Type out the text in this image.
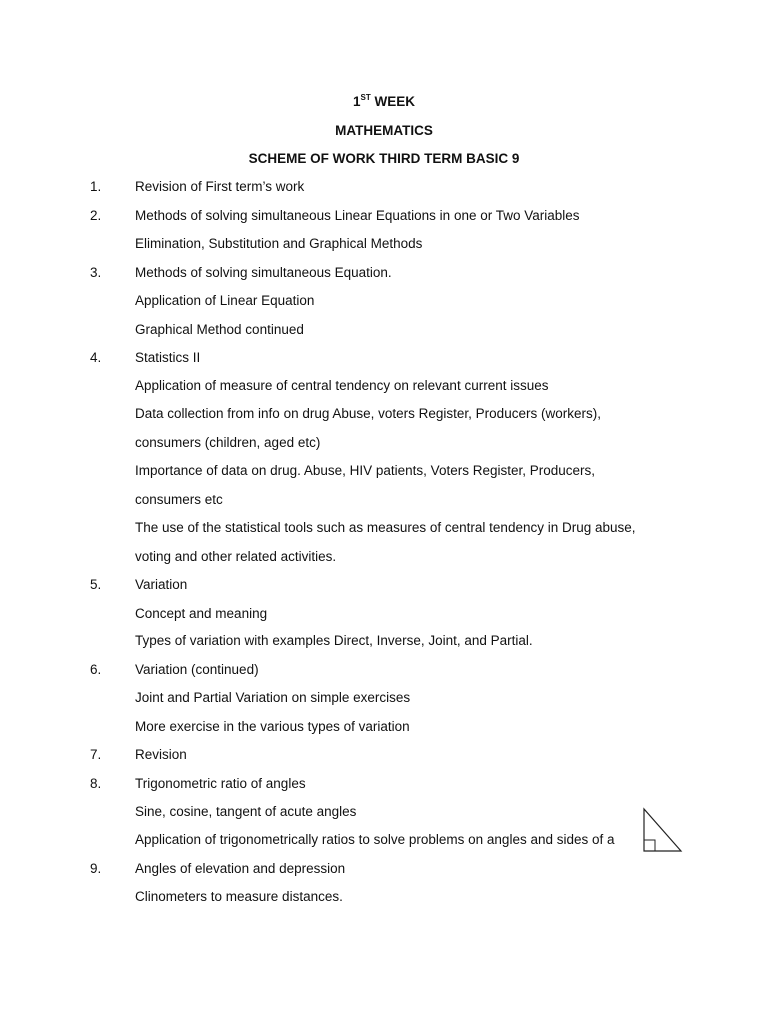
1ST WEEK
MATHEMATICS
SCHEME OF WORK THIRD TERM BASIC 9
1. Revision of First term’s work
2. Methods of solving simultaneous Linear Equations in one or Two Variables
Elimination, Substitution and Graphical Methods
3. Methods of solving simultaneous Equation.
Application of Linear Equation
Graphical Method continued
4. Statistics II
Application of measure of central tendency on relevant current issues
Data collection from info on drug Abuse, voters Register, Producers (workers),
consumers (children, aged etc)
Importance of data on drug. Abuse, HIV patients, Voters Register, Producers,
consumers etc
The use of the statistical tools such as measures of central tendency in Drug abuse,
voting and other related activities.
5. Variation
Concept and meaning
Types of variation with examples Direct, Inverse, Joint, and Partial.
6. Variation (continued)
Joint and Partial Variation on simple exercises
More exercise in the various types of variation
7. Revision
8. Trigonometric ratio of angles
Sine, cosine, tangent of acute angles
Application of trigonometrically ratios to solve problems on angles and sides of a
9. Angles of elevation and depression
Clinometers to measure distances.
